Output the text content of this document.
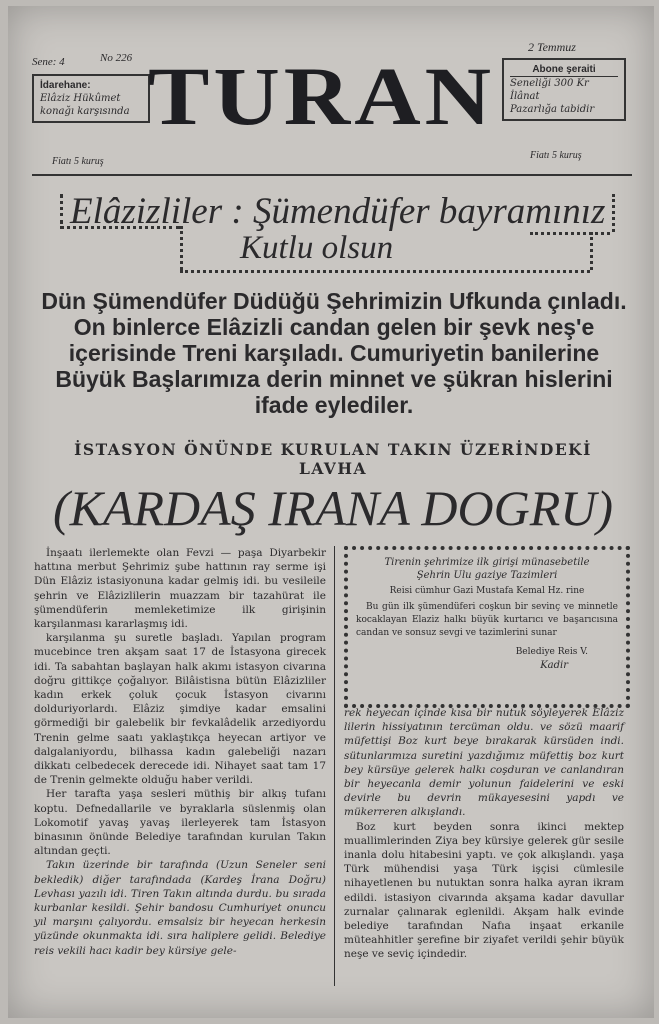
Sene: 4	No 226
2 Temmuz
İdarehane:
Elâziz Hükûmet
konağı karşısında TURAN	Abone şeraiti
Seneliği 300 Kr
İlânat
Pazarlığa tabidir
Fiatı 5 kuruş
Fiatı 5 kuruş
Elâzizliler : Şümendüfer bayramınız
Kutlu olsun
Dün Şümendüfer Düdüğü Şehrimizin Ufkunda çınladı. On binlerce Elâzizli candan gelen bir şevk neş'e içerisinde Treni karşıladı. Cumuriyetin banilerine Büyük Başlarımıza derin minnet ve şükran hislerini ifade eylediler.
İSTASYON ÖNÜNDE KURULAN TAKIN ÜZERİNDEKİ LAVHA
(KARDAŞ IRANA DOGRU)

İnşaatı ilerlemekte olan Fevzi — paşa Diyarbekir hattına merbut Şehrimiz şube hattının ray serme işi Dün Elâziz istasiyonuna kadar gelmiş idi. bu vesileile şehrin ve Elâzizlilerin muazzam bir tazahürat ile şümendüferin memleketimize ilk girişinin karşılanması kararlaşmış idi.

karşılanma şu suretle başladı. Yapılan program mucebince tren akşam saat 17 de İstasyona girecek idi. Ta sabahtan başlayan halk akımı istasyon civarına doğru gittikçe çoğalıyor. Bilâistisna bütün Elâzizliler kadın erkek çoluk çocuk İstasyon civarını dolduriyorlardı. Elâziz şimdiye kadar emsalini görmediği bir galebelik bir fevkalâdelik arzediyordu Trenin gelme saatı yaklaştıkça heyecan artiyor ve dalgalaniyordu, bilhassa kadın galebeliği nazarı dikkatı celbedecek derecede idi. Nihayet saat tam 17 de Trenin gelmekte olduğu haber verildi.

Her tarafta yaşa sesleri müthiş bir alkış tufanı koptu. Defnedallarile ve byraklarla süslenmiş olan Lokomotif yavaş yavaş ilerleyerek tam İstasyon binasının önünde Belediye tarafından kurulan Takın altından geçti.

Takın üzerinde bir tarafında (Uzun Seneler seni bekledik) diğer tarafındada (Kardeş İrana Doğru) Levhası yazılı idi. Tiren Takın altında durdu. bu sırada kurbanlar kesildi. Şehir bandosu Cumhuriyet onuncu yıl marşını çalıyordu. emsalsiz bir heyecan herkesin yüzünde okunmakta idi. sıra haliplere gelidi. Belediye reis vekili hacı kadir bey kürsiye gele-

Tirenin şehrimize ilk girişi münasebetile
Şehrin Ulu gaziye Tazimleri
Reisi cümhur Gazi Mustafa Kemal Hz. rine
Bu gün ilk şümendüferi coşkun bir sevinç ve minnetle kocaklayan Elaziz halkı büyük kurtarıcı ve başarıcısına candan ve sonsuz sevgi ve tazimlerini sunar
Belediye Reis V.
Kadir

rek heyecan içinde kısa bir nutuk söyleyerek Elâziz lilerin hissiyatının tercüman oldu. ve sözü maarif müfettişi Boz kurt beye bırakarak kürsüden indi. sütunlarımıza suretini yazdığımız müfettiş boz kurt bey kürsüye gelerek halkı coşduran ve canlandıran bir heyecanla demir yolunun faidelerini ve eski devirle bu devrin mükayesesini yapdı ve mükerreren alkışlandı.

Boz kurt beyden sonra ikinci mektep muallimlerinden Ziya bey kürsiye gelerek gür sesile inanla dolu hitabesini yaptı. ve çok alkışlandı. yaşa Türk mühendisi yaşa Türk işçisi cümlesile nihayetlenen bu nutuktan sonra halka ayran ikram edildi. istasiyon civarında akşama kadar davullar zurnalar çalınarak eglenildi. Akşam halk evinde belediye tarafından Nafıa inşaat erkanile müteahhitler şerefine bir ziyafet verildi şehir büyük neşe ve seviç içindedir.
